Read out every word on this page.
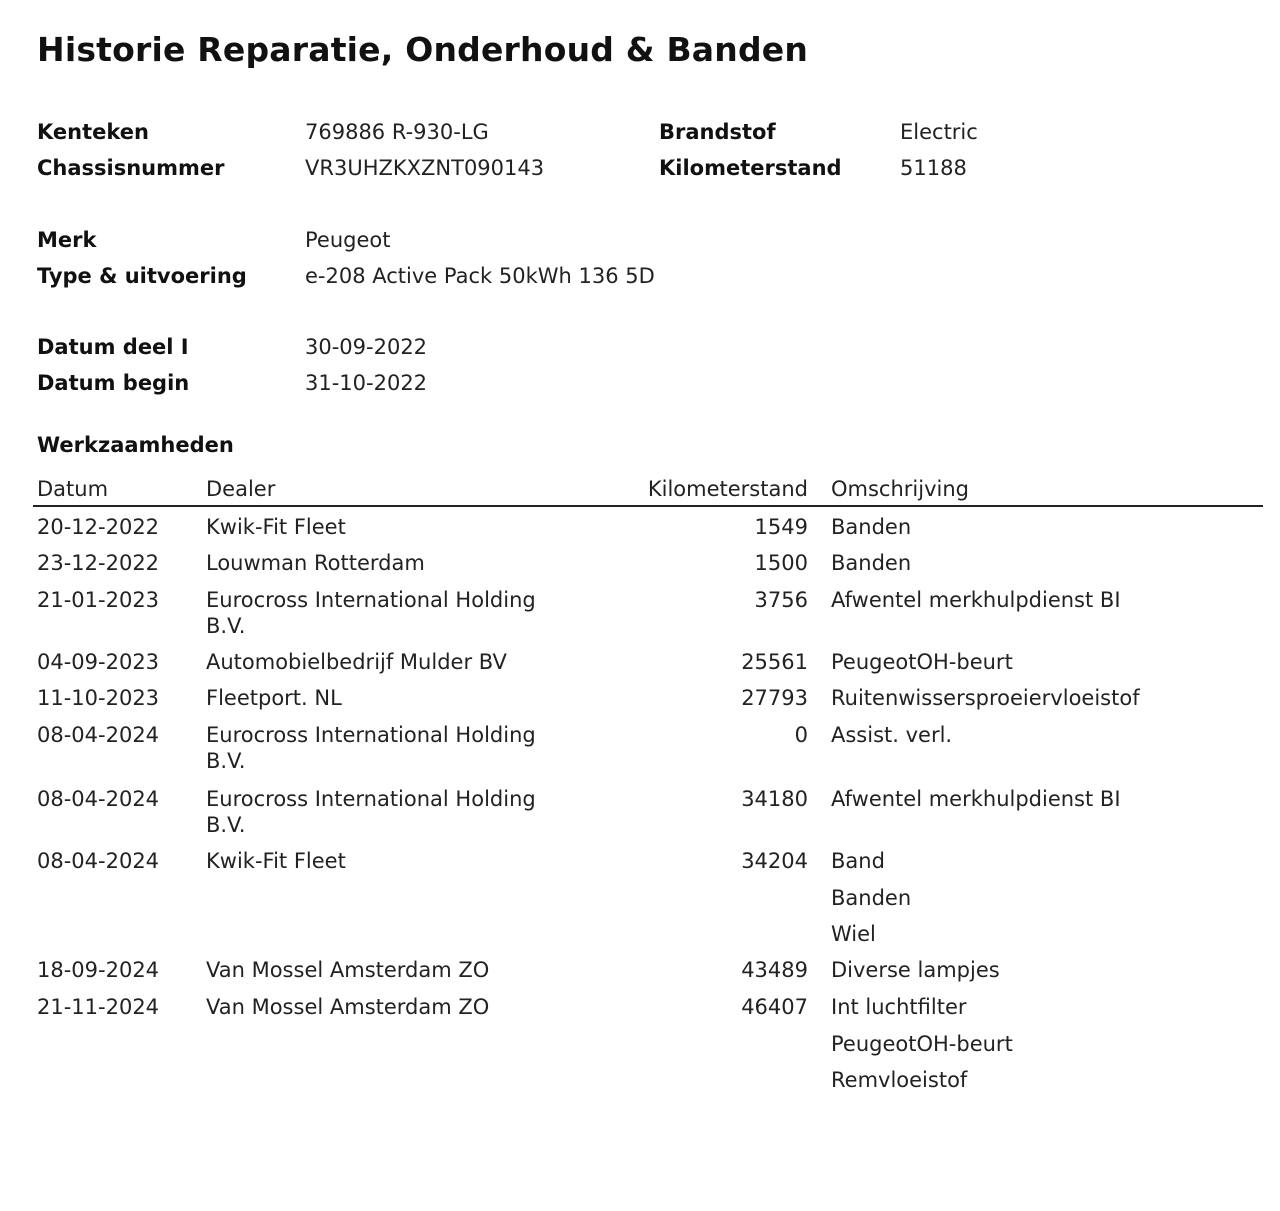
Historie Reparatie, Onderhoud & Banden
Kenteken	769886 R-930-LG	Brandstof	Electric
Chassisnummer	VR3UHZKXZNT090143	Kilometerstand	51188
Merk	Peugeot
Type & uitvoering	e-208 Active Pack 50kWh 136 5D
Datum deel I	30-09-2022
Datum begin	31-10-2022
Werkzaamheden
Datum	Dealer	Kilometerstand Omschrijving
20-12-2022 Kwik-Fit Fleet	1549 Banden
23-12-2022 Louwman Rotterdam	1500 Banden
21-01-2023 Eurocross International Holding
B.V.
3756 Afwentel merkhulpdienst BI
04-09-2023 Automobielbedrijf Mulder BV	25561 PeugeotOH-beurt
11-10-2023 Fleetport. NL	27793 Ruitenwissersproeiervloeistof
08-04-2024 Eurocross International Holding
B.V.
0 Assist. verl.
08-04-2024 Eurocross International Holding
B.V.
34180 Afwentel merkhulpdienst BI
08-04-2024 Kwik-Fit Fleet	34204 Band
Banden
Wiel
18-09-2024 Van Mossel Amsterdam ZO	43489 Diverse lampjes
21-11-2024 Van Mossel Amsterdam ZO	46407 Int luchtfilter
PeugeotOH-beurt
Remvloeistof
